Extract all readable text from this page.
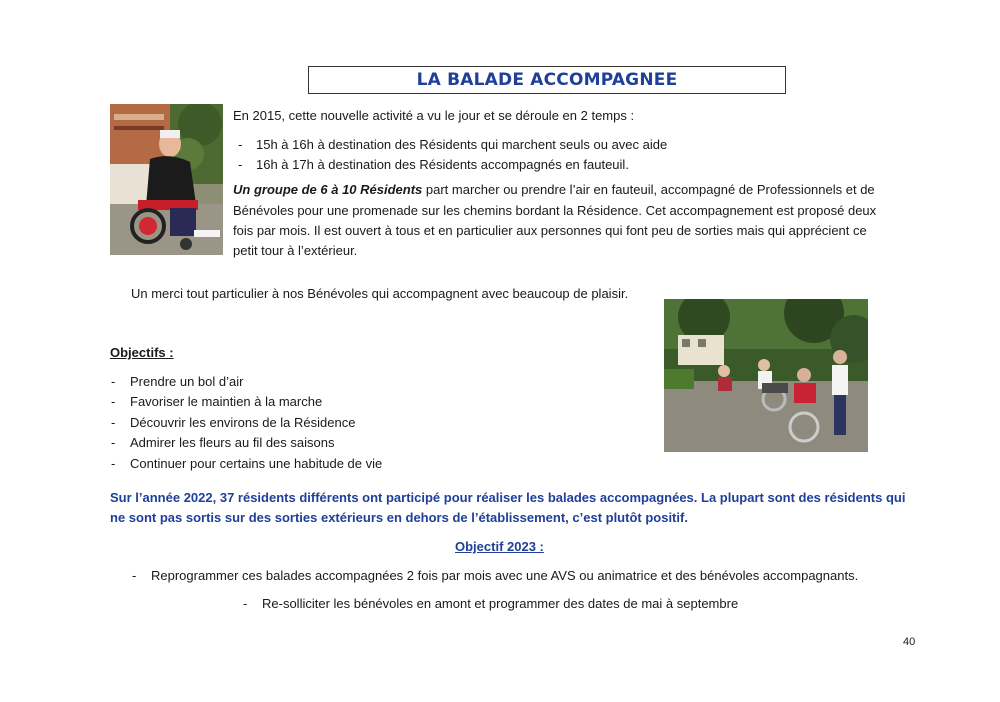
LA BALADE ACCOMPAGNEE
En 2015, cette nouvelle activité a vu le jour et se déroule en 2 temps :
- 15h à 16h à destination des Résidents qui marchent seuls ou avec aide
- 16h à 17h à destination des Résidents accompagnés en fauteuil.
Un groupe de 6 à 10 Résidents part marcher ou prendre l’air en fauteuil, accompagné de Professionnels et de
Bénévoles pour une promenade sur les chemins bordant la Résidence. Cet accompagnement est proposé deux
fois par mois. Il est ouvert à tous et en particulier aux personnes qui font peu de sorties mais qui apprécient ce
petit tour à l’extérieur.
Un merci tout particulier à nos Bénévoles qui accompagnent avec beaucoup de plaisir.
Objectifs :
- Prendre un bol d’air
- Favoriser le maintien à la marche
- Découvrir les environs de la Résidence
- Admirer les fleurs au fil des saisons
- Continuer pour certains une habitude de vie
Sur l’année 2022, 37 résidents différents ont participé pour réaliser les balades accompagnées. La plupart sont des résidents qui
ne sont pas sortis sur des sorties extérieurs en dehors de l’établissement, c’est plutôt positif.
Objectif 2023 :
- Reprogrammer ces balades accompagnées 2 fois par mois avec une AVS ou animatrice et des bénévoles accompagnants.
- Re-solliciter les bénévoles en amont et programmer des dates de mai à septembre
40
